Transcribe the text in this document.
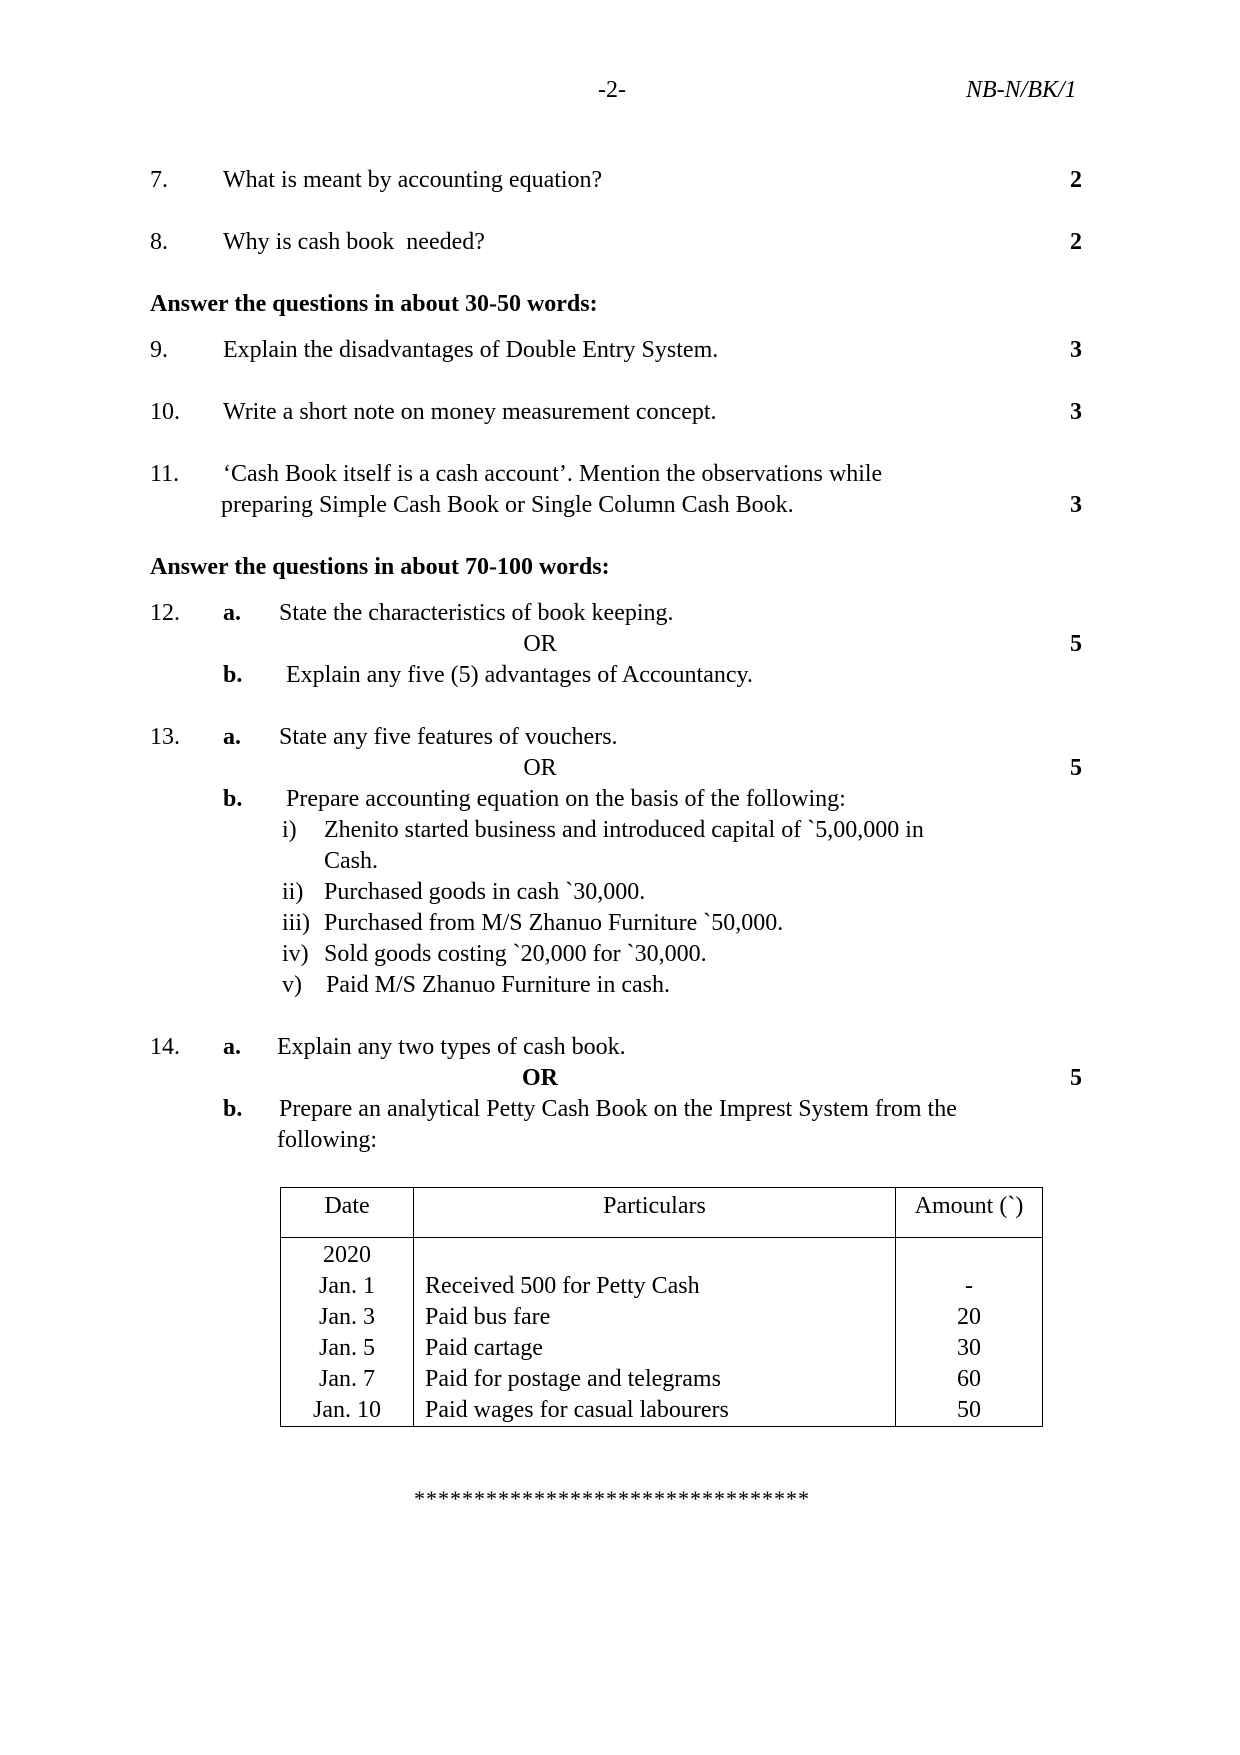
-2-	NB-N/BK/1
7. What is meant by accounting equation?	2
8. Why is cash book  needed?	2
Answer the questions in about 30-50 words:
9. Explain the disadvantages of Double Entry System.	3
10. Write a short note on money measurement concept.	3
11. ‘Cash Book itself is a cash account’. Mention the observations while
preparing Simple Cash Book or Single Column Cash Book.	3
Answer the questions in about 70-100 words:
12. a. State the characteristics of book keeping.
OR	5
b. Explain any five (5) advantages of Accountancy.
13. a. State any five features of vouchers.
OR	5
b. Prepare accounting equation on the basis of the following:
i) Zhenito started business and introduced capital of `5,00,000 in
Cash.
ii) Purchased goods in cash `30,000.
iii) Purchased from M/S Zhanuo Furniture `50,000.
iv) Sold goods costing `20,000 for `30,000.
v) Paid M/S Zhanuo Furniture in cash.
14. a. Explain any two types of cash book.
OR	5
b. Prepare an analytical Petty Cash Book on the Imprest System from the
following:
Date	Particulars	Amount (`)
2020		
Jan. 1	Received 500 for Petty Cash	-
Jan. 3	Paid bus fare	20
Jan. 5	Paid cartage	30
Jan. 7	Paid for postage and telegrams	60
Jan. 10	Paid wages for casual labourers	50
*********************************
